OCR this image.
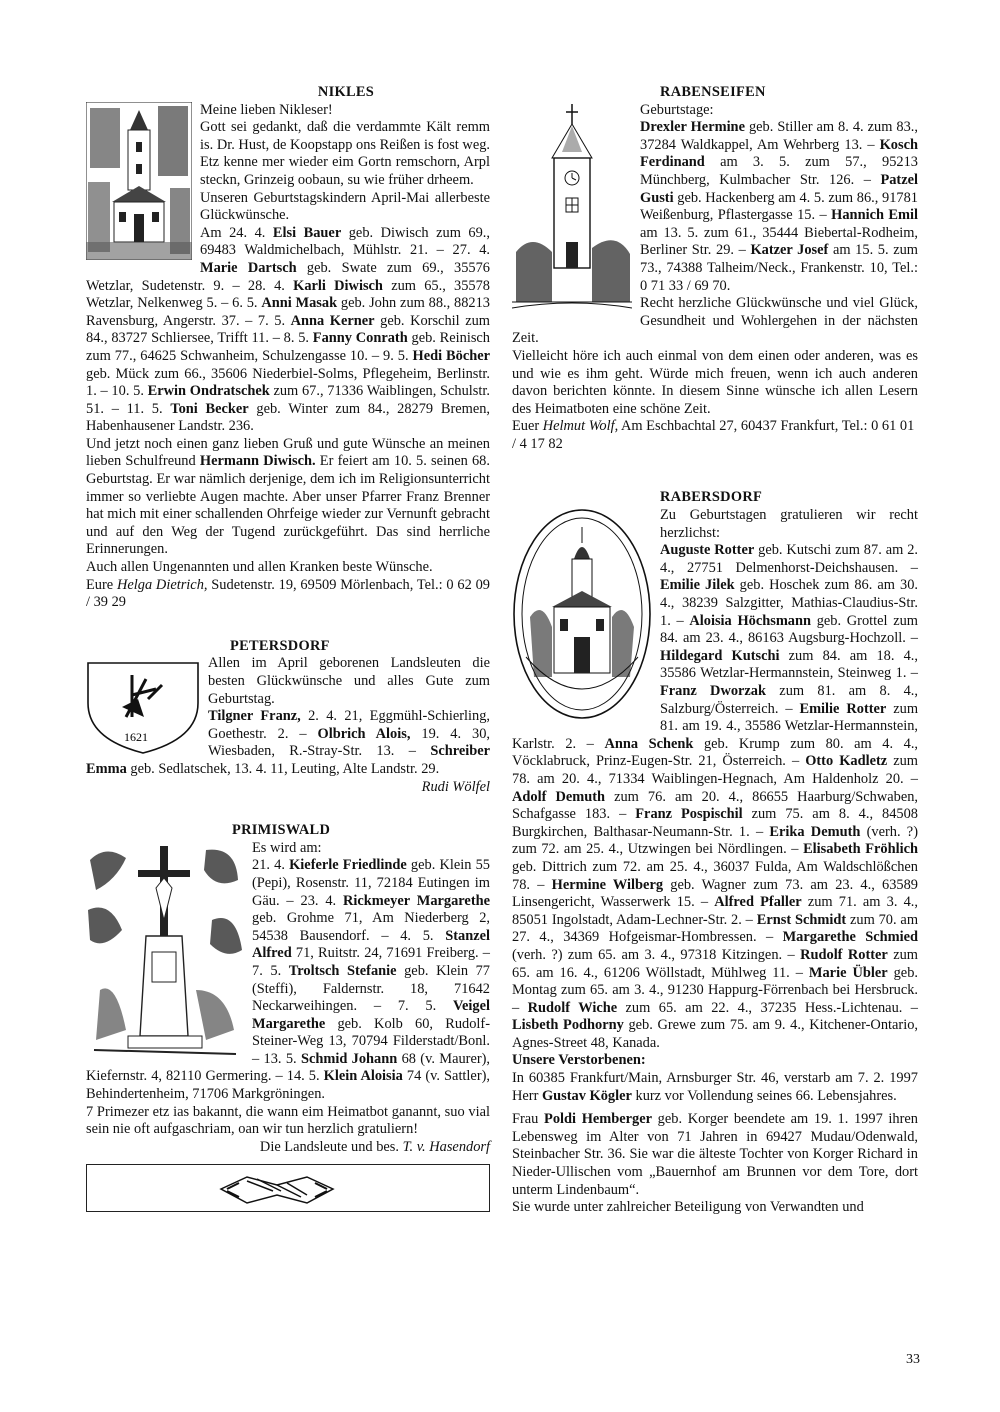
NIKLES

Meine lieben Nikleser!

Gott sei gedankt, daß die verdammte Kält remm is. Dr. Hust, de Koopstapp ons Reißen is fost weg. Etz kenne mer wieder eim Gortn remschorn, Arpl steckn, Grinzeig oobaun, su wie früher drheem.

Unseren Geburtstagskindern April-Mai allerbeste Glückwünsche.

Am 24. 4. Elsi Bauer geb. Diwisch zum 69., 69483 Waldmichelbach, Mühlstr. 21. – 27. 4. Marie Dartsch geb. Swate zum 69., 35576 Wetzlar, Sudetenstr. 9. – 28. 4. Karli Diwisch zum 65., 35578 Wetzlar, Nelkenweg 5. – 6. 5. Anni Masak geb. John zum 88., 88213 Ravensburg, Angerstr. 37. – 7. 5. Anna Kerner geb. Korschil zum 84., 83727 Schliersee, Trifft 11. – 8. 5. Fanny Conrath geb. Reinisch zum 77., 64625 Schwanheim, Schulzengasse 10. – 9. 5. Hedi Böcher geb. Mück zum 66., 35606 Niederbiel-Solms, Pflegeheim, Berlinstr. 1. – 10. 5. Erwin Ondratschek zum 67., 71336 Waiblingen, Schulstr. 51. – 11. 5. Toni Becker geb. Winter zum 84., 28279 Bremen, Habenhausener Landstr. 236.

Und jetzt noch einen ganz lieben Gruß und gute Wünsche an meinen lieben Schulfreund Hermann Diwisch. Er feiert am 10. 5. seinen 68. Geburtstag. Er war nämlich derjenige, dem ich im Religionsunterricht immer so verliebte Augen machte. Aber unser Pfarrer Franz Brenner hat mich mit einer schallenden Ohrfeige wieder zur Vernunft gebracht und auf den Weg der Tugend zurückgeführt. Das sind herrliche Erinnerungen.

Auch allen Ungenannten und allen Kranken beste Wünsche.

Eure Helga Dietrich, Sudetenstr. 19, 69509 Mörlenbach, Tel.: 0 62 09 / 39 29

PETERSDORF

1621

Allen im April geborenen Landsleuten die besten Glückwünsche und alles Gute zum Geburtstag.

Tilgner Franz, 2. 4. 21, Eggmühl-Schierling, Goethestr. 2. – Olbrich Alois, 19. 4. 30, Wiesbaden, R.-Stray-Str. 13. – Schreiber Emma geb. Sedlatschek, 13. 4. 11, Leuting, Alte Landstr. 29.

Rudi Wölfel

PRIMISWALD

Es wird am:

21. 4. Kieferle Friedlinde geb. Klein 55 (Pepi), Rosenstr. 11, 72184 Eutingen im Gäu. – 23. 4. Rickmeyer Margarethe geb. Grohme 71, Am Niederberg 2, 54538 Bausendorf. – 4. 5. Stanzel Alfred 71, Ruitstr. 24, 71691 Freiberg. – 7. 5. Troltsch Stefanie geb. Klein 77 (Steffi), Faldernstr. 18, 71642 Neckarweihingen. – 7. 5. Veigel Margarethe geb. Kolb 60, Rudolf-Steiner-Weg 13, 70794 Filderstadt/Bonl. – 13. 5. Schmid Johann 68 (v. Maurer), Kiefernstr. 4, 82110 Germering. – 14. 5. Klein Aloisia 74 (v. Sattler), Behindertenheim, 71706 Markgröningen.

7 Primezer etz ias bakannt, die wann eim Heimatbot ganannt, suo vial sein nie oft aufgaschriam, oan wir tun herzlich gratuliern!

Die Landsleute und bes. T. v. Hasendorf

RABENSEIFEN

Geburtstage:

Drexler Hermine geb. Stiller am 8. 4. zum 83., 37284 Waldkappel, Am Wehrberg 13. – Kosch Ferdinand am 3. 5. zum 57., 95213 Münchberg, Kulmbacher Str. 126. – Patzel Gusti geb. Hackenberg am 4. 5. zum 86., 91781 Weißenburg, Pflastergasse 15. – Hannich Emil am 13. 5. zum 61., 35444 Biebertal-Rodheim, Berliner Str. 29. – Katzer Josef am 15. 5. zum 73., 74388 Talheim/Neck., Frankenstr. 10, Tel.: 0 71 33 / 69 70.

Recht herzliche Glückwünsche und viel Glück, Gesundheit und Wohlergehen in der nächsten Zeit.

Vielleicht höre ich auch einmal von dem einen oder anderen, was es und wie es ihm geht. Würde mich freuen, wenn ich auch anderen davon berichten könnte. In diesem Sinne wünsche ich allen Lesern des Heimatboten eine schöne Zeit.

Euer Helmut Wolf, Am Eschbachtal 27, 60437 Frankfurt, Tel.: 0 61 01 / 4 17 82

RABERSDORF

Zu Geburtstagen gratulieren wir recht herzlichst:

Auguste Rotter geb. Kutschi zum 87. am 2. 4., 27751 Delmenhorst-Deichshausen. – Emilie Jilek geb. Hoschek zum 86. am 30. 4., 38239 Salzgitter, Mathias-Claudius-Str. 1. – Aloisia Höchsmann geb. Grottel zum 84. am 23. 4., 86163 Augsburg-Hochzoll. – Hildegard Kutschi zum 84. am 18. 4., 35586 Wetzlar-Hermannstein, Steinweg 1. – Franz Dworzak zum 81. am 8. 4., Salzburg/Österreich. – Emilie Rotter zum 81. am 19. 4., 35586 Wetzlar-Hermannstein, Karlstr. 2. – Anna Schenk geb. Krump zum 80. am 4. 4., Vöcklabruck, Prinz-Eugen-Str. 21, Österreich. – Otto Kadletz zum 78. am 20. 4., 71334 Waiblingen-Hegnach, Am Haldenholz 20. – Adolf Demuth zum 76. am 20. 4., 86655 Haarburg/Schwaben, Schafgasse 183. – Franz Pospischil zum 75. am 8. 4., 84508 Burgkirchen, Balthasar-Neumann-Str. 1. – Erika Demuth (verh. ?) zum 72. am 25. 4., Utzwingen bei Nördlingen. – Elisabeth Fröhlich geb. Dittrich zum 72. am 25. 4., 36037 Fulda, Am Waldschlößchen 78. – Hermine Wilberg geb. Wagner zum 73. am 23. 4., 63589 Linsengericht, Wasserwerk 15. – Alfred Pfaller zum 71. am 3. 4., 85051 Ingolstadt, Adam-Lechner-Str. 2. – Ernst Schmidt zum 70. am 27. 4., 34369 Hofgeismar-Hombressen. – Margarethe Schmied (verh. ?) zum 65. am 3. 4., 97318 Kitzingen. – Rudolf Rotter zum 65. am 16. 4., 61206 Wöllstadt, Mühlweg 11. – Marie Übler geb. Montag zum 65. am 3. 4., 91230 Happurg-Förrenbach bei Hersbruck. – Rudolf Wiche zum 65. am 22. 4., 37235 Hess.-Lichtenau. – Lisbeth Podhorny geb. Grewe zum 75. am 9. 4., Kitchener-Ontario, Agnes-Street 48, Kanada.

Unsere Verstorbenen:

In 60385 Frankfurt/Main, Arnsburger Str. 46, verstarb am 7. 2. 1997 Herr Gustav Kögler kurz vor Vollendung seines 66. Lebensjahres.

Frau Poldi Hemberger geb. Korger beendete am 19. 1. 1997 ihren Lebensweg im Alter von 71 Jahren in 69427 Mudau/Odenwald, Steinbacher Str. 36. Sie war die älteste Tochter von Korger Richard in Nieder-Ullischen vom „Bauernhof am Brunnen vor dem Tore, dort unterm Lindenbaum“.

Sie wurde unter zahlreicher Beteiligung von Verwandten und

33
